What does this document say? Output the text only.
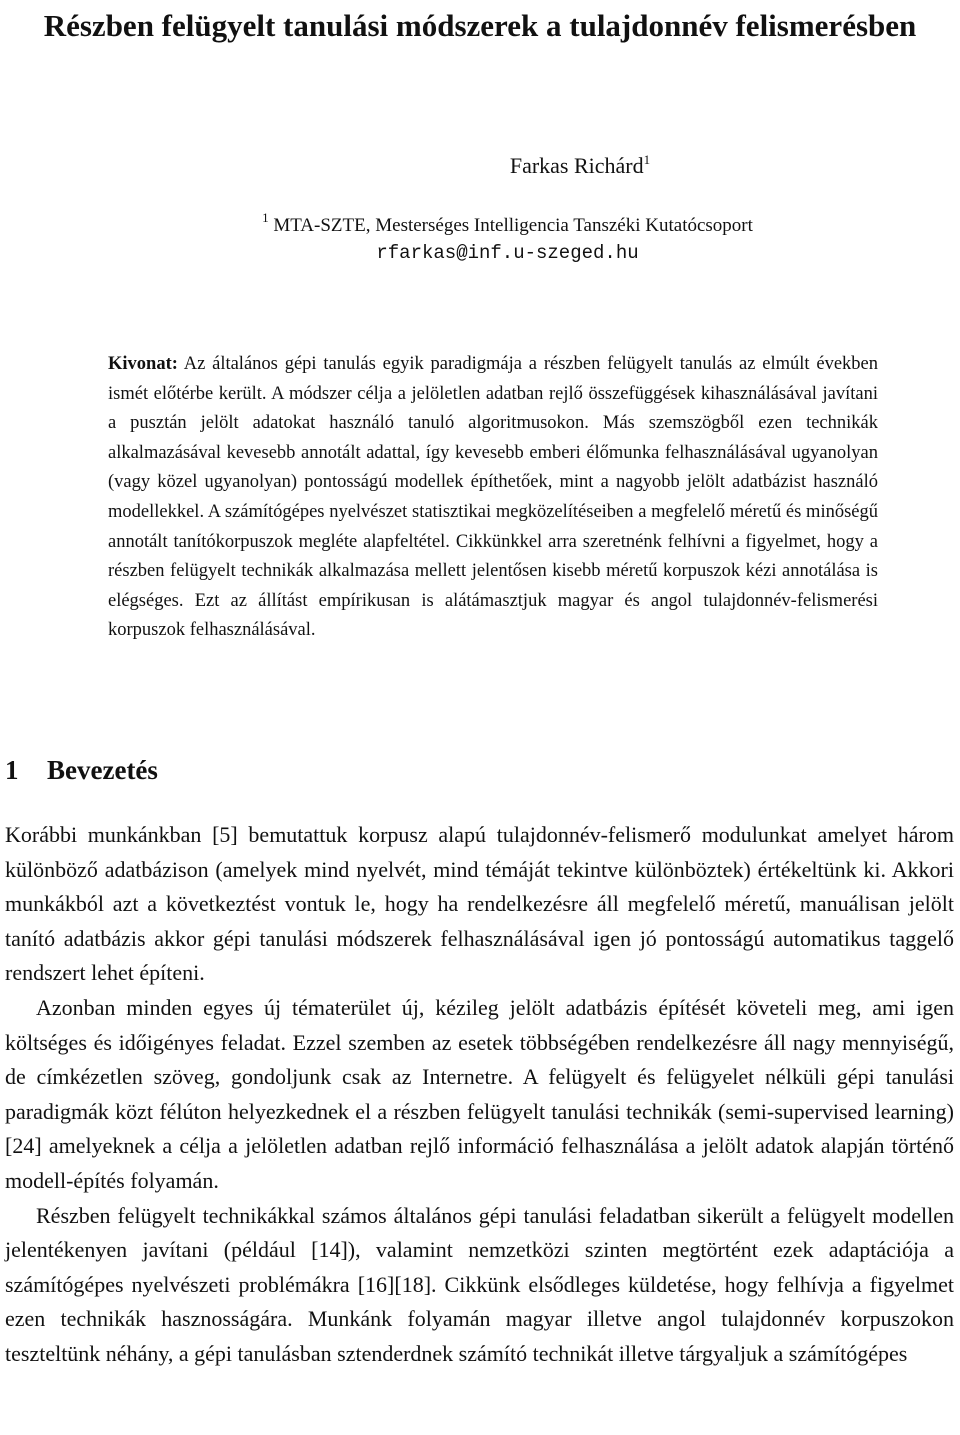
Részben felügyelt tanulási módszerek a tulajdonnév felismerésben
Farkas Richárd$^1$
$^1$ MTA-SZTE, Mesterséges Intelligencia Tanszéki Kutatócsoport
rfarkas@inf.u-szeged.hu
Kivonat: Az általános gépi tanulás egyik paradigmája a részben felügyelt tanulás az elmúlt években ismét előtérbe került. A módszer célja a jelöletlen adatban rejlő összefüggések kihasználásával javítani a pusztán jelölt adatokat használó tanuló algoritmusokon. Más szemszögből ezen technikák alkalmazásával kevesebb annotált adattal, így kevesebb emberi élőmunka felhasználásával ugyanolyan (vagy közel ugyanolyan) pontosságú modellek építhetőek, mint a nagyobb jelölt adatbázist használó modellekkel. A számítógépes nyelvészet statisztikai megközelítéseiben a megfelelő méretű és minőségű annotált tanítókorpuszok megléte alapfeltétel. Cikkünkkel arra szeretnénk felhívni a figyelmet, hogy a részben felügyelt technikák alkalmazása mellett jelentősen kisebb méretű korpuszok kézi annotálása is elégséges. Ezt az állítást empírikusan is alátámasztjuk magyar és angol tulajdonnév-felismerési korpuszok felhasználásával.
1 Bevezetés

Korábbi munkánkban [5] bemutattuk korpusz alapú tulajdonnév-felismerő modulunkat amelyet három különböző adatbázison (amelyek mind nyelvét, mind témáját tekintve különböztek) értékeltünk ki. Akkori munkákból azt a következtést vontuk le, hogy ha rendelkezésre áll megfelelő méretű, manuálisan jelölt tanító adatbázis akkor gépi tanulási módszerek felhasználásával igen jó pontosságú automatikus taggelő rendszert lehet építeni.

Azonban minden egyes új tématerület új, kézileg jelölt adatbázis építését követeli meg, ami igen költséges és időigényes feladat. Ezzel szemben az esetek többségében rendelkezésre áll nagy mennyiségű, de címkézetlen szöveg, gondoljunk csak az Internetre. A felügyelt és felügyelet nélküli gépi tanulási paradigmák közt félúton helyezkednek el a részben felügyelt tanulási technikák (semi-supervised learning) [24] amelyeknek a célja a jelöletlen adatban rejlő információ felhasználása a jelölt adatok alapján történő modell-építés folyamán.

Részben felügyelt technikákkal számos általános gépi tanulási feladatban sikerült a felügyelt modellen jelentékenyen javítani (például [14]), valamint nemzetközi szinten megtörtént ezek adaptációja a számítógépes nyelvészeti problémákra [16][18]. Cikkünk elsődleges küldetése, hogy felhívja a figyelmet ezen technikák hasznosságára. Munkánk folyamán magyar illetve angol tulajdonnév korpuszokon teszteltünk néhány, a gépi tanulásban sztenderdnek számító technikát illetve tárgyaljuk a számítógépes
